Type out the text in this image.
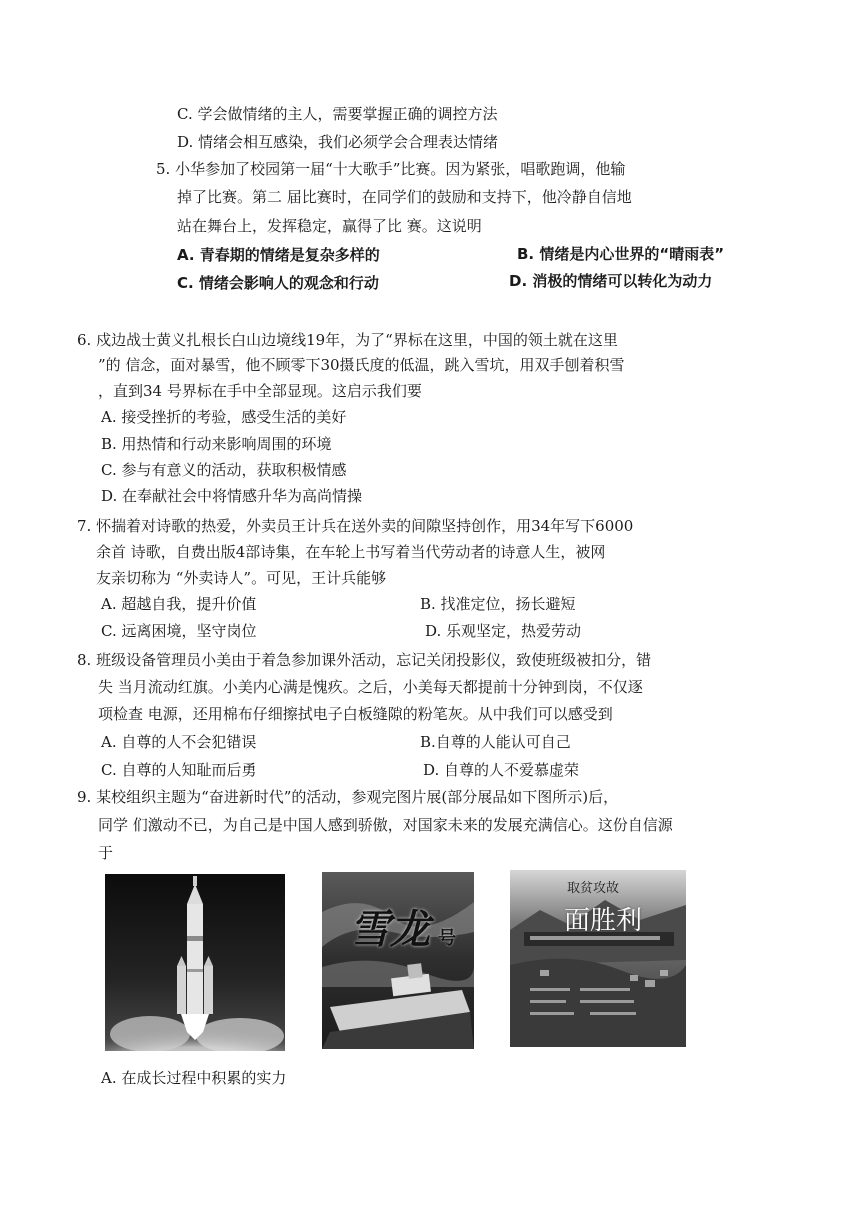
C. 学会做情绪的主人，需要掌握正确的调控方法
D. 情绪会相互感染，我们必须学会合理表达情绪
5. 小华参加了校园第一届“十大歌手”比赛。因为紧张，唱歌跑调，他输
掉了比赛。第二 届比赛时，在同学们的鼓励和支持下，他冷静自信地
站在舞台上，发挥稳定，赢得了比 赛。这说明
A. 青春期的情绪是复杂多样的	B. 情绪是内心世界的“晴雨表”
C. 情绪会影响人的观念和行动	D. 消极的情绪可以转化为动力
6. 戍边战士黄义扎根长白山边境线19年，为了“界标在这里，中国的领土就在这里
”的 信念，面对暴雪，他不顾零下30摄氏度的低温，跳入雪坑，用双手刨着积雪
，直到34 号界标在手中全部显现。这启示我们要
A. 接受挫折的考验，感受生活的美好
B. 用热情和行动来影响周围的环境
C. 参与有意义的活动，获取积极情感
D. 在奉献社会中将情感升华为高尚情操
7. 怀揣着对诗歌的热爱，外卖员王计兵在送外卖的间隙坚持创作，用34年写下6000
余首 诗歌，自费出版4部诗集，在车轮上书写着当代劳动者的诗意人生，被网
友亲切称为 “外卖诗人”。可见，王计兵能够
A. 超越自我，提升价值	B. 找准定位，扬长避短
C. 远离困境，坚守岗位	D. 乐观坚定，热爱劳动
8. 班级设备管理员小美由于着急参加课外活动，忘记关闭投影仪，致使班级被扣分，错
失 当月流动红旗。小美内心满是愧疚。之后，小美每天都提前十分钟到岗，不仅逐
项检查 电源，还用棉布仔细擦拭电子白板缝隙的粉笔灰。从中我们可以感受到
A. 自尊的人不会犯错误	B.自尊的人能认可自己
C. 自尊的人知耻而后勇	D. 自尊的人不爱慕虚荣
9. 某校组织主题为“奋进新时代”的活动，参观完图片展(部分展品如下图所示)后，
同学 们激动不已，为自己是中国人感到骄傲，对国家未来的发展充满信心。这份自信源
于
雪龙 号
取贫攻故
面胜利
A. 在成长过程中积累的实力
